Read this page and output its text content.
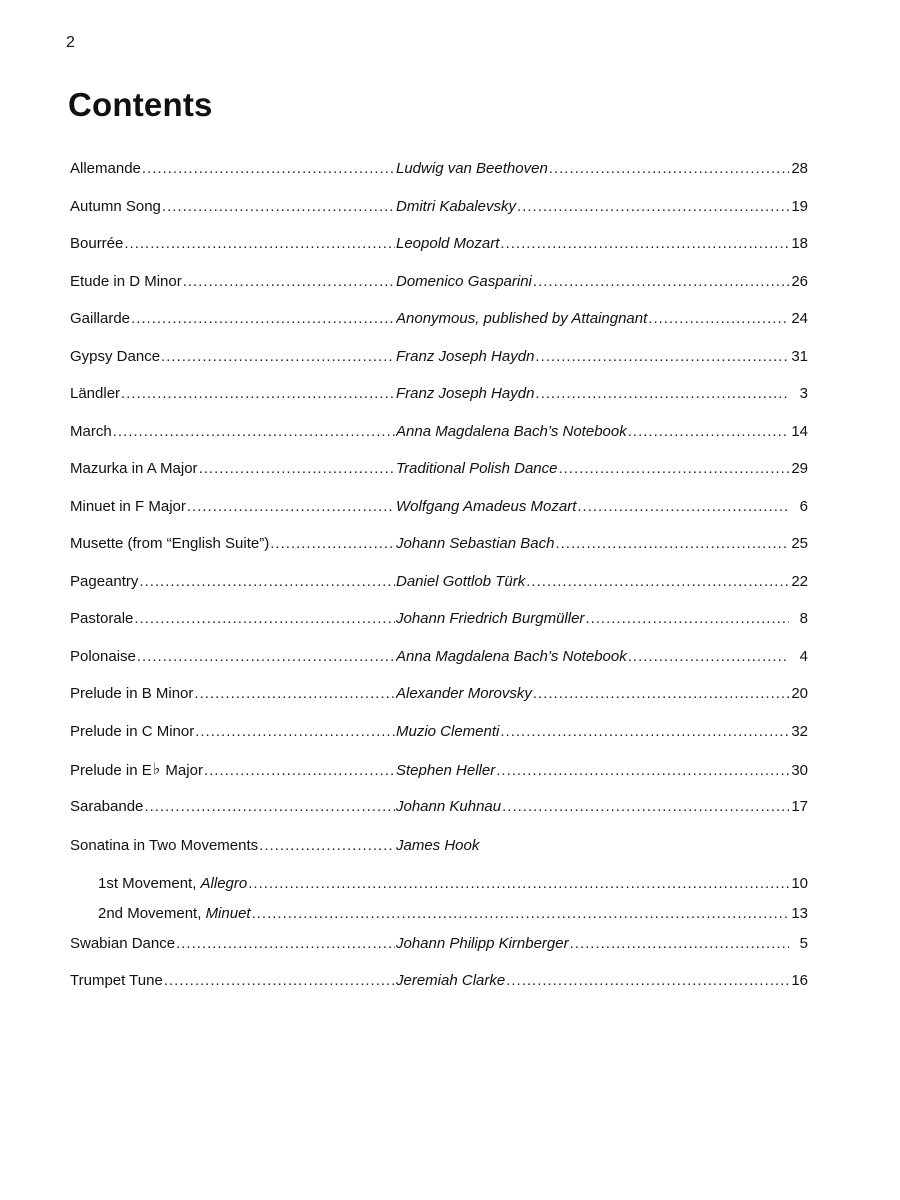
2
Contents
Allemande .....	Ludwig van Beethoven .....	28
Autumn Song .....	Dmitri Kabalevsky .....	19
Bourrée .....	Leopold Mozart .....	18
Etude in D Minor .....	Domenico Gasparini .....	26
Gaillarde .....	Anonymous, published by Attaingnant .....	24
Gypsy Dance .....	Franz Joseph Haydn .....	31
Ländler .....	Franz Joseph Haydn .....	3
March .....	Anna Magdalena Bach’s Notebook .....	14
Mazurka in A Major .....	Traditional Polish Dance .....	29
Minuet in F Major .....	Wolfgang Amadeus Mozart .....	6
Musette (from “English Suite”) .....	Johann Sebastian Bach .....	25
Pageantry .....	Daniel Gottlob Türk .....	22
Pastorale .....	Johann Friedrich Burgmüller .....	8
Polonaise .....	Anna Magdalena Bach’s Notebook .....	4
Prelude in B Minor .....	Alexander Morovsky .....	20
Prelude in C Minor .....	Muzio Clementi .....	32
Prelude in E♭ Major .....	Stephen Heller .....	30
Sarabande .....	Johann Kuhnau .....	17
Sonatina in Two Movements .....	James Hook
1st Movement, Allegro .....	10
2nd Movement, Minuet .....	13
Swabian Dance .....	Johann Philipp Kirnberger .....	5
Trumpet Tune .....	Jeremiah Clarke .....	16
